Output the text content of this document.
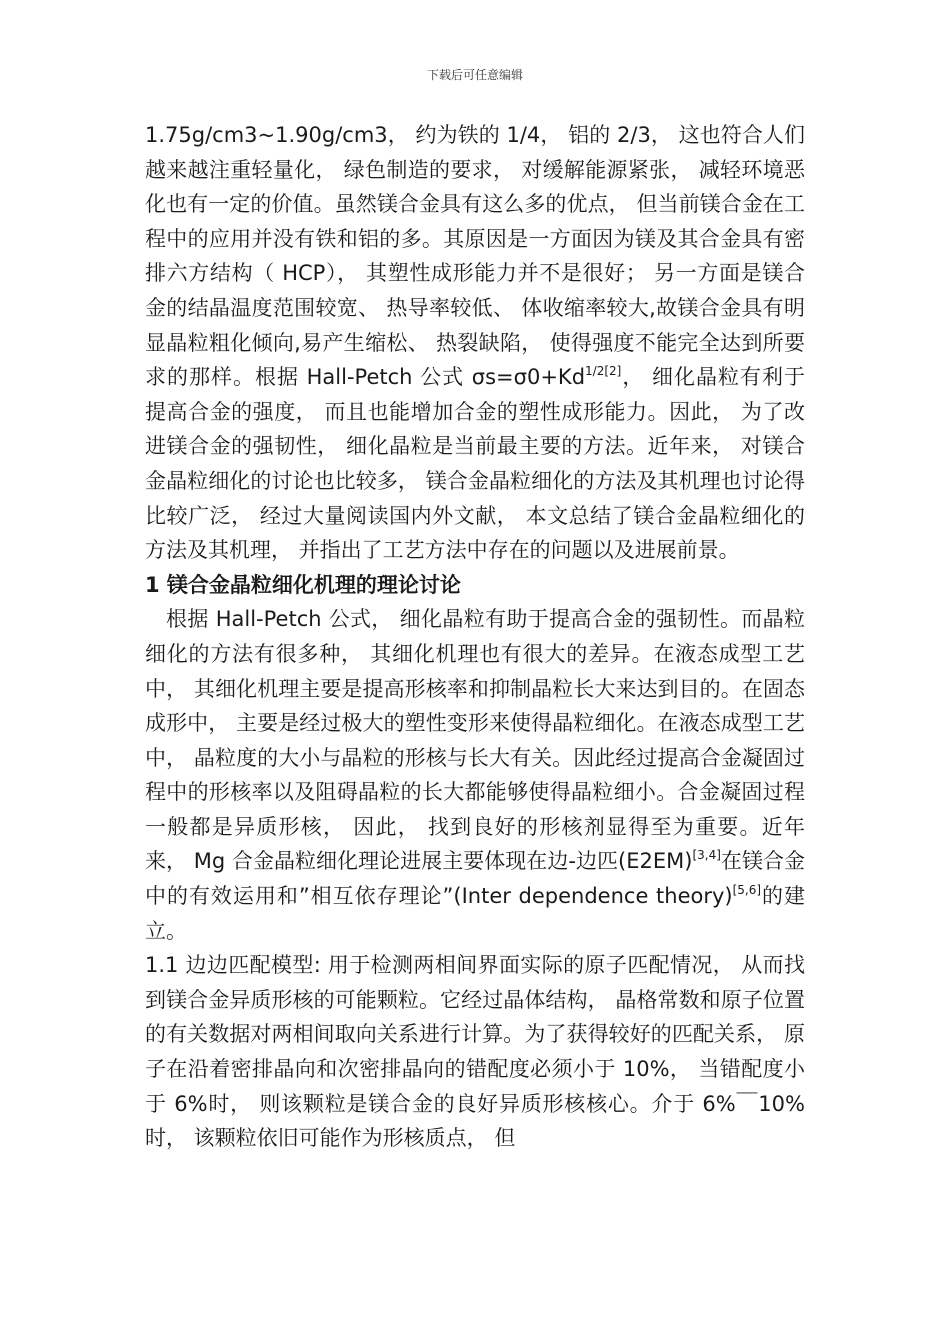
下载后可任意编辑

1.75g/cm3~1.90g/cm3， 约为铁的 1/4， 铝的 2/3， 这也符合人们越来越注重轻量化， 绿色制造的要求， 对缓解能源紧张， 减轻环境恶化也有一定的价值。虽然镁合金具有这么多的优点， 但当前镁合金在工程中的应用并没有铁和铝的多。其原因是一方面因为镁及其合金具有密排六方结构（ HCP）， 其塑性成形能力并不是很好； 另一方面是镁合金的结晶温度范围较宽、 热导率较低、 体收缩率较大,故镁合金具有明显晶粒粗化倾向,易产生缩松、 热裂缺陷， 使得强度不能完全达到所要求的那样。根据 Hall-Petch 公式 $\sigma s=\sigma 0+Kd^{1/2[2]}$， 细化晶粒有利于提高合金的强度， 而且也能增加合金的塑性成形能力。因此， 为了改进镁合金的强韧性， 细化晶粒是当前最主要的方法。近年来， 对镁合金晶粒细化的讨论也比较多， 镁合金晶粒细化的方法及其机理也讨论得比较广泛， 经过大量阅读国内外文献， 本文总结了镁合金晶粒细化的方法及其机理， 并指出了工艺方法中存在的问题以及进展前景。

1 镁合金晶粒细化机理的理论讨论

根据 Hall-Petch 公式， 细化晶粒有助于提高合金的强韧性。而晶粒细化的方法有很多种， 其细化机理也有很大的差异。在液态成型工艺中， 其细化机理主要是提高形核率和抑制晶粒长大来达到目的。在固态成形中， 主要是经过极大的塑性变形来使得晶粒细化。在液态成型工艺中， 晶粒度的大小与晶粒的形核与长大有关。因此经过提高合金凝固过程中的形核率以及阻碍晶粒的长大都能够使得晶粒细小。合金凝固过程一般都是异质形核， 因此， 找到良好的形核剂显得至为重要。近年来， Mg 合金晶粒细化理论进展主要体现在边-边匹(E2EM)[3,4]在镁合金中的有效运用和”相互依存理论”(Inter dependence theory)[5,6]的建立。

1.1 边边匹配模型: 用于检测两相间界面实际的原子匹配情况， 从而找到镁合金异质形核的可能颗粒。它经过晶体结构， 晶格常数和原子位置的有关数据对两相间取向关系进行计算。为了获得较好的匹配关系， 原子在沿着密排晶向和次密排晶向的错配度必须小于 10%， 当错配度小于 6%时， 则该颗粒是镁合金的良好异质形核核心。介于 6%￣10%时， 该颗粒依旧可能作为形核质点， 但
